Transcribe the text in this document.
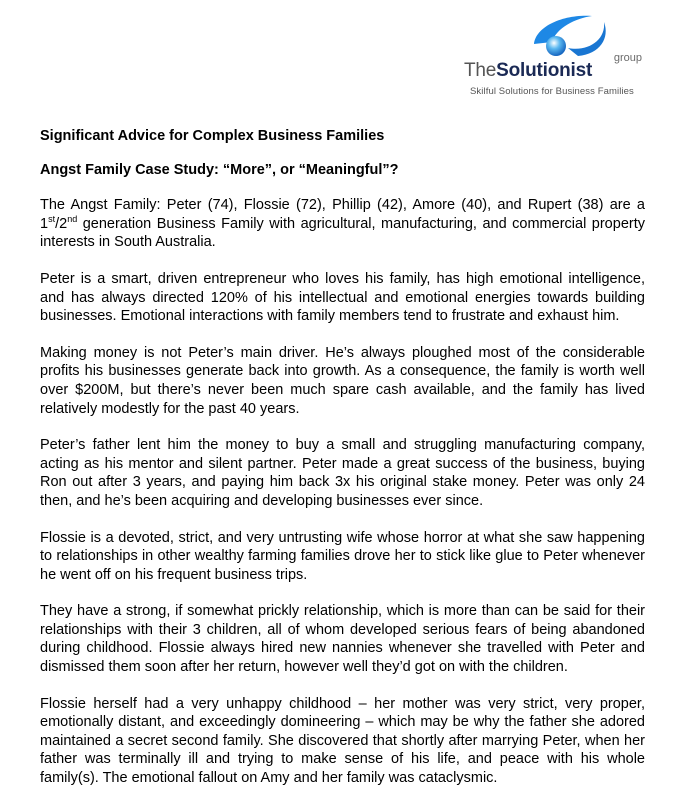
group
TheSolutionist
Skilful Solutions for Business Families
Significant Advice for Complex Business Families
Angst Family Case Study: “More”, or “Meaningful”?

The Angst Family: Peter (74), Flossie (72), Phillip (42), Amore (40), and Rupert (38) are a 1st/2nd generation Business Family with agricultural, manufacturing, and commercial property interests in South Australia.

Peter is a smart, driven entrepreneur who loves his family, has high emotional intelligence, and has always directed 120% of his intellectual and emotional energies towards building businesses. Emotional interactions with family members tend to frustrate and exhaust him.

Making money is not Peter’s main driver. He’s always ploughed most of the considerable profits his businesses generate back into growth. As a consequence, the family is worth well over $200M, but there’s never been much spare cash available, and the family has lived relatively modestly for the past 40 years.

Peter’s father lent him the money to buy a small and struggling manufacturing company, acting as his mentor and silent partner. Peter made a great success of the business, buying Ron out after 3 years, and paying him back 3x his original stake money. Peter was only 24 then, and he’s been acquiring and developing businesses ever since.

Flossie is a devoted, strict, and very untrusting wife whose horror at what she saw happening to relationships in other wealthy farming families drove her to stick like glue to Peter whenever he went off on his frequent business trips.

They have a strong, if somewhat prickly relationship, which is more than can be said for their relationships with their 3 children, all of whom developed serious fears of being abandoned during childhood. Flossie always hired new nannies whenever she travelled with Peter and dismissed them soon after her return, however well they’d got on with the children.

Flossie herself had a very unhappy childhood – her mother was very strict, very proper, emotionally distant, and exceedingly domineering – which may be why the father she adored maintained a secret second family. She discovered that shortly after marrying Peter, when her father was terminally ill and trying to make sense of his life, and peace with his whole family(s). The emotional fallout on Amy and her family was cataclysmic.
